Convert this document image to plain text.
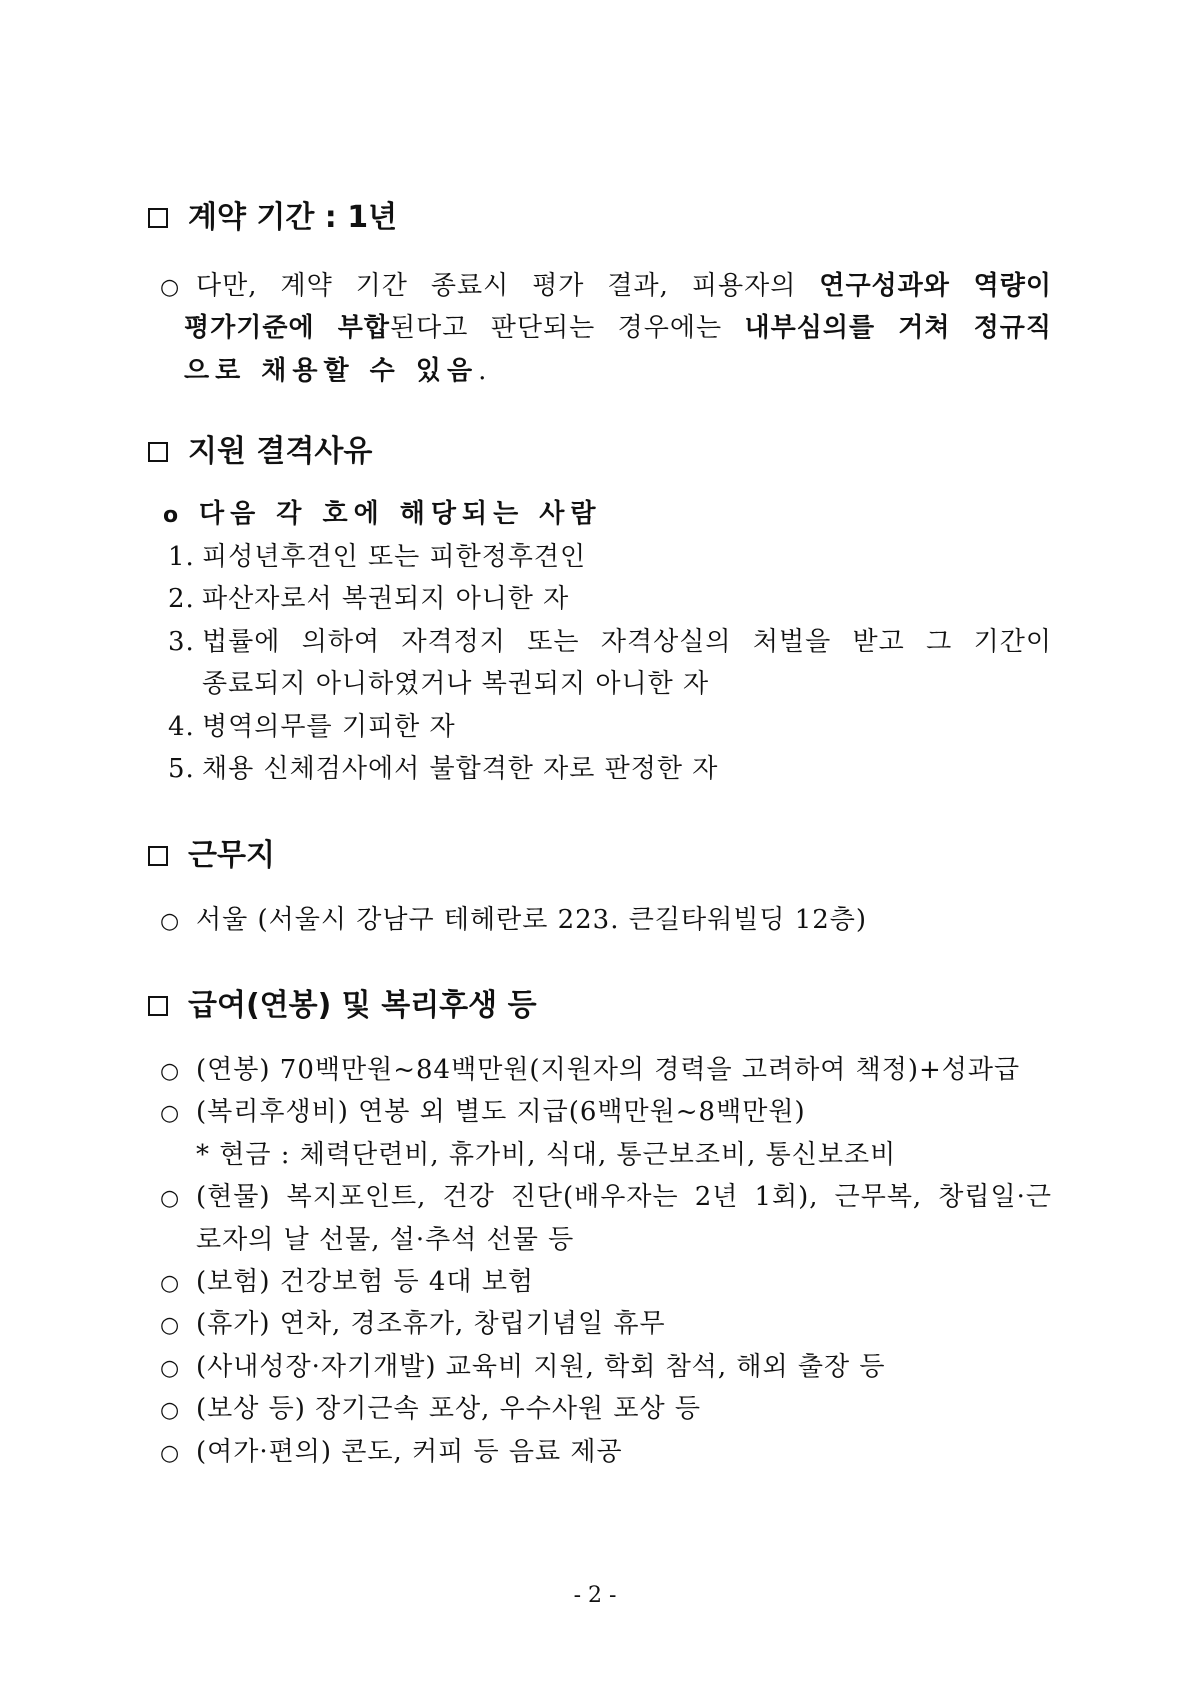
계약 기간 : 1년
○ 다만, 계약 기간 종료시 평가 결과, 피용자의 연구성과와 역량이
평가기준에 부합된다고 판단되는 경우에는 내부심의를 거쳐 정규직
으로 채용할 수 있음.
지원 결격사유
o 다음 각 호에 해당되는 사람
1. 피성년후견인 또는 피한정후견인
2. 파산자로서 복권되지 아니한 자
3. 법률에 의하여 자격정지 또는 자격상실의 처벌을 받고 그 기간이
종료되지 아니하였거나 복권되지 아니한 자
4. 병역의무를 기피한 자
5. 채용 신체검사에서 불합격한 자로 판정한 자
근무지
○ 서울 (서울시 강남구 테헤란로 223. 큰길타워빌딩 12층)
급여(연봉) 및 복리후생 등
○ (연봉) 70백만원~84백만원(지원자의 경력을 고려하여 책정)+성과급
○ (복리후생비) 연봉 외 별도 지급(6백만원~8백만원)
* 현금 : 체력단련비, 휴가비, 식대, 통근보조비, 통신보조비
○ (현물) 복지포인트, 건강 진단(배우자는 2년 1회), 근무복, 창립일·근
로자의 날 선물, 설·추석 선물 등
○ (보험) 건강보험 등 4대 보험
○ (휴가) 연차, 경조휴가, 창립기념일 휴무
○ (사내성장·자기개발) 교육비 지원, 학회 참석, 해외 출장 등
○ (보상 등) 장기근속 포상, 우수사원 포상 등
○ (여가·편의) 콘도, 커피 등 음료 제공
- 2 -
